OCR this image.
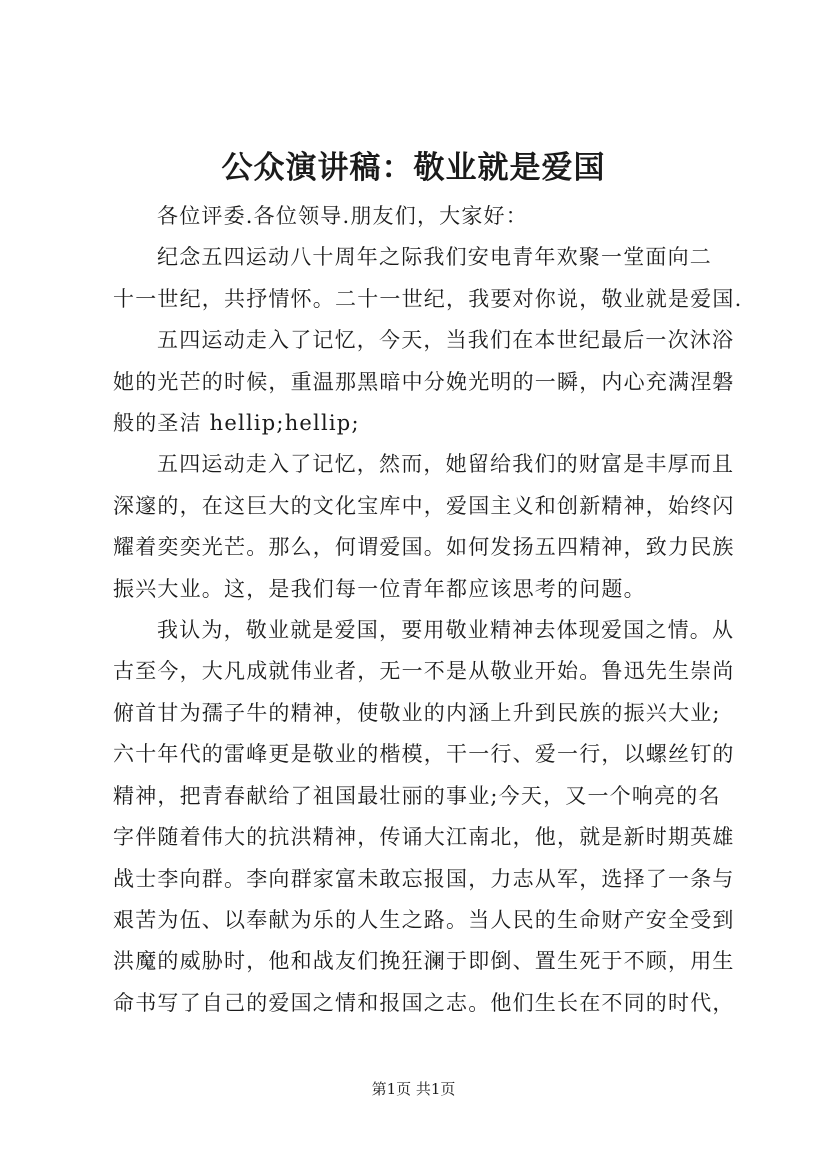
公众演讲稿：敬业就是爱国
各位评委.各位领导.朋友们，大家好：
纪念五四运动八十周年之际我们安电青年欢聚一堂面向二
十一世纪，共抒情怀。二十一世纪，我要对你说，敬业就是爱国.
五四运动走入了记忆，今天，当我们在本世纪最后一次沐浴
她的光芒的时候，重温那黑暗中分娩光明的一瞬，内心充满涅磐
般的圣洁 hellip;hellip;
五四运动走入了记忆，然而，她留给我们的财富是丰厚而且
深邃的，在这巨大的文化宝库中，爱国主义和创新精神，始终闪
耀着奕奕光芒。那么，何谓爱国。如何发扬五四精神，致力民族
振兴大业。这，是我们每一位青年都应该思考的问题。
我认为，敬业就是爱国，要用敬业精神去体现爱国之情。从
古至今，大凡成就伟业者，无一不是从敬业开始。鲁迅先生崇尚
俯首甘为孺子牛的精神，使敬业的内涵上升到民族的振兴大业;
六十年代的雷峰更是敬业的楷模，干一行、爱一行，以螺丝钉的
精神，把青春献给了祖国最壮丽的事业;今天，又一个响亮的名
字伴随着伟大的抗洪精神，传诵大江南北，他，就是新时期英雄
战士李向群。李向群家富未敢忘报国，力志从军，选择了一条与
艰苦为伍、以奉献为乐的人生之路。当人民的生命财产安全受到
洪魔的威胁时，他和战友们挽狂澜于即倒、置生死于不顾，用生
命书写了自己的爱国之情和报国之志。他们生长在不同的时代，
第1页 共1页
